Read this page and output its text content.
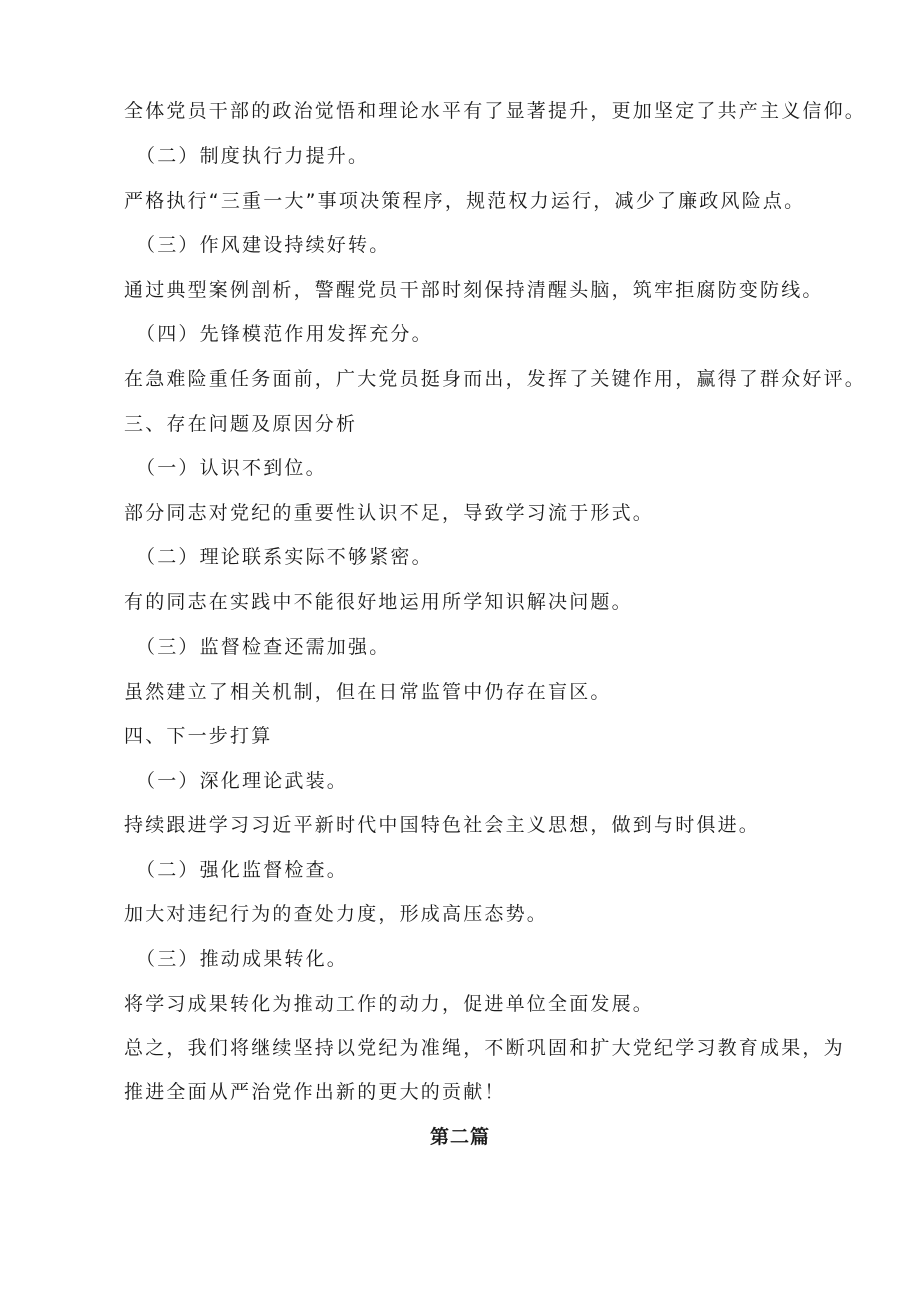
全体党员干部的政治觉悟和理论水平有了显著提升，更加坚定了共产主义信仰。
（二）制度执行力提升。
严格执行“三重一大”事项决策程序，规范权力运行，减少了廉政风险点。
（三）作风建设持续好转。
通过典型案例剖析，警醒党员干部时刻保持清醒头脑，筑牢拒腐防变防线。
（四）先锋模范作用发挥充分。
在急难险重任务面前，广大党员挺身而出，发挥了关键作用，赢得了群众好评。
三、存在问题及原因分析
（一）认识不到位。
部分同志对党纪的重要性认识不足，导致学习流于形式。
（二）理论联系实际不够紧密。
有的同志在实践中不能很好地运用所学知识解决问题。
（三）监督检查还需加强。
虽然建立了相关机制，但在日常监管中仍存在盲区。
四、下一步打算
（一）深化理论武装。
持续跟进学习习近平新时代中国特色社会主义思想，做到与时俱进。
（二）强化监督检查。
加大对违纪行为的查处力度，形成高压态势。
（三）推动成果转化。
将学习成果转化为推动工作的动力，促进单位全面发展。
总之，我们将继续坚持以党纪为准绳，不断巩固和扩大党纪学习教育成果，为
推进全面从严治党作出新的更大的贡献！
第二篇
